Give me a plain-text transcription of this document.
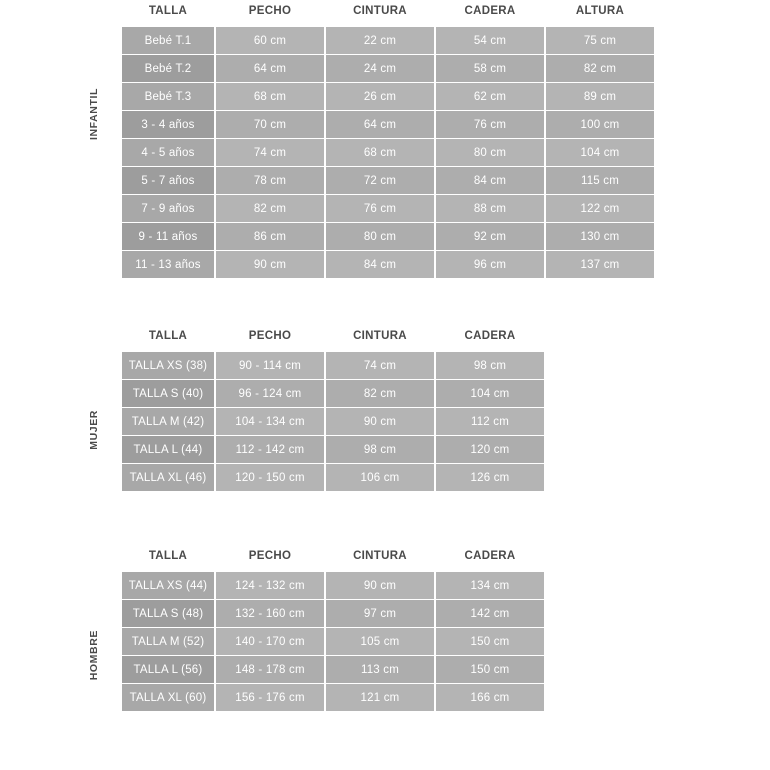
INFANTIL
TALLA	PECHO	CINTURA	CADERA	ALTURA
Bebé T.1	60 cm	22 cm	54 cm	75 cm
Bebé T.2	64 cm	24 cm	58 cm	82 cm
Bebé T.3	68 cm	26 cm	62 cm	89 cm
3 - 4 años	70 cm	64 cm	76 cm	100 cm
4 - 5 años	74 cm	68 cm	80 cm	104 cm
5 - 7 años	78 cm	72 cm	84 cm	115 cm
7 - 9 años	82 cm	76 cm	88 cm	122 cm
9 - 11 años	86 cm	80 cm	92 cm	130 cm
11 - 13 años	90 cm	84 cm	96 cm	137 cm
MUJER
TALLA	PECHO	CINTURA	CADERA
TALLA XS (38)	90 - 114 cm	74 cm	98 cm
TALLA S (40)	96 - 124 cm	82 cm	104 cm
TALLA M (42)	104 - 134 cm	90 cm	112 cm
TALLA L (44)	112 - 142 cm	98 cm	120 cm
TALLA XL (46)	120 - 150 cm	106 cm	126 cm
HOMBRE
TALLA	PECHO	CINTURA	CADERA
TALLA XS (44)	124 - 132 cm	90 cm	134 cm
TALLA S (48)	132 - 160 cm	97 cm	142 cm
TALLA M (52)	140 - 170 cm	105 cm	150 cm
TALLA L (56)	148 - 178 cm	113 cm	150 cm
TALLA XL (60)	156 - 176 cm	121 cm	166 cm
